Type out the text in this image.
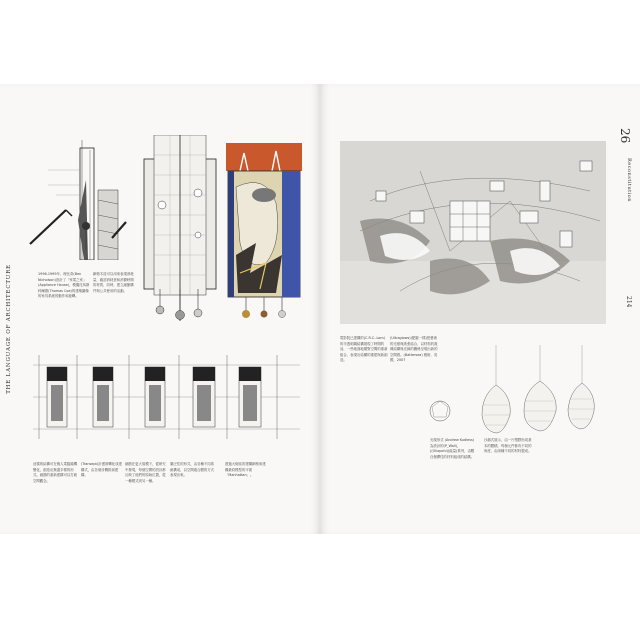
THE LANGUAGE OF ARCHITECTURE
26
Reconstitution
214
1996-1999年，理比奇(Ben Nicholson)設計了「家電之家」(Appliance House)，模擬托馬斯科爾德(Thomas Coe)的建築圖像的家具系統的動作和旋轉。
網格木造可以用來表現消耗量，確認消耗者和消費時間的材質，同時，建立細節構件與公共使用的活動。
這樣的結構可在個人電腦隨機變化，創造出無盡多樣的形式。細節的重新建構可以打破空間觀念。
(Transept)計畫被轉化成建構式，由各個步驟推演建構。
細節在更大規模下，從研究中發現，每個空間的設計都反映了他們的原始位置，從一種模式到另一種。
廣泛性的形式，由各種不同系統構成，以空間複合體的方式表現出來。
透過大街區的建構網格來建構最終模型的平面「Manhattan」。
電影院已建構的(C.R.C.-Lom)的半透明鋼結構展現了時間的詩，一些地面地層對空間的重新組合，表現出結構的重建與新創造。
(Ultraglows)(肥臉一樣)把藝術的光照與紙張結合，以材料的複雜結構與光線的關係呈現出新的空間感。(Battersea) 藝術，英國，2007
光環形式 (Andrew Kudless) 為設計的(P_Wall)，((Oliopohi)(能量)系列，由數百個彈性的材料組成的結構。
沙漏式展示，由一片塑膠形成基本的體積，每個元件都有不同的角度，由兩種不同的材料製成。
